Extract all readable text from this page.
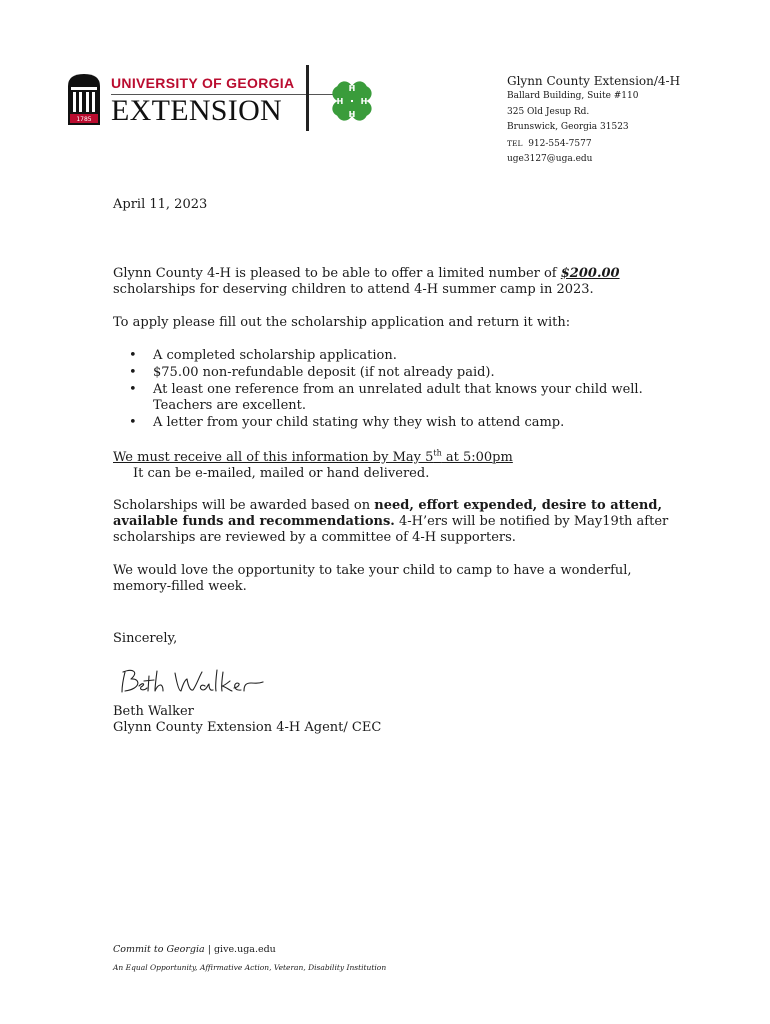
1785
UNIVERSITY OF GEORGIA
EXTENSION
H
H
H H
Glynn County Extension/4-H
Ballard Building, Suite #110
325 Old Jesup Rd.
Brunswick, Georgia 31523
TEL 912-554-7577
uge3127@uga.edu
April 11, 2023
Glynn County 4-H is pleased to be able to offer a limited number of $200.00 scholarships for deserving children to attend 4-H summer camp in 2023.
To apply please fill out the scholarship application and return it with:
• A completed scholarship application.
• $75.00 non-refundable deposit (if not already paid).
• At least one reference from an unrelated adult that knows your child well. Teachers are excellent.
• A letter from your child stating why they wish to attend camp.
We must receive all of this information by May 5th at 5:00pm
It can be e-mailed, mailed or hand delivered.
Scholarships will be awarded based on need, effort expended, desire to attend, available funds and recommendations. 4-H’ers will be notified by May19th after scholarships are reviewed by a committee of 4-H supporters.
We would love the opportunity to take your child to camp to have a wonderful, memory-filled week.
Sincerely,
Beth Walker
Glynn County Extension 4-H Agent/ CEC
Commit to Georgia | give.uga.edu
An Equal Opportunity, Affirmative Action, Veteran, Disability Institution
